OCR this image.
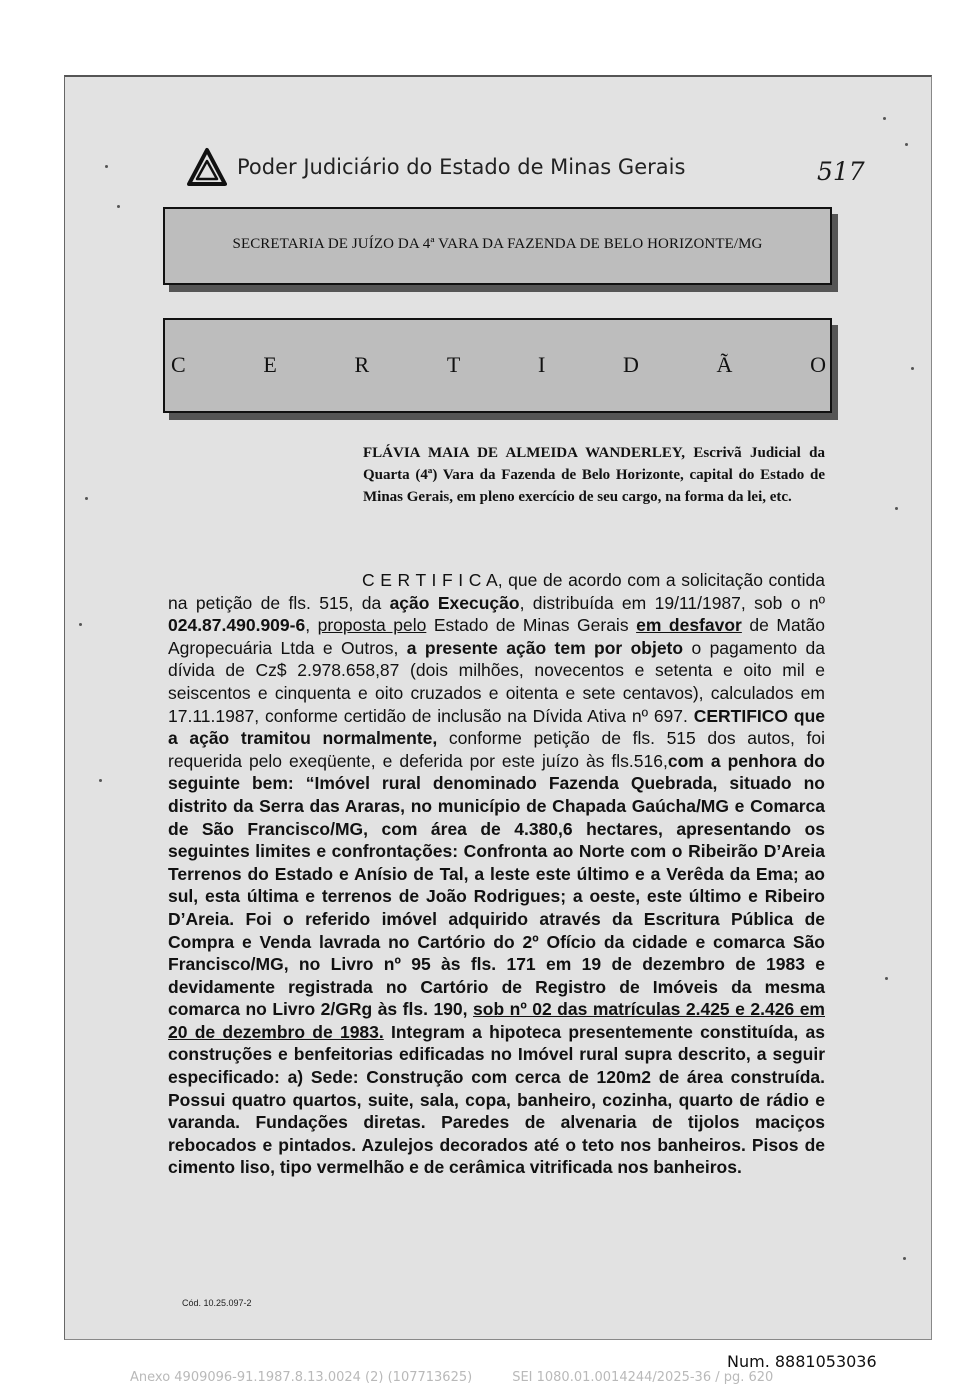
Poder Judiciário do Estado de Minas Gerais	517
SECRETARIA DE JUÍZO DA 4ª VARA DA FAZENDA DE BELO HORIZONTE/MG
C	E	R	T	I	D	Ã	O
FLÁVIA MAIA DE ALMEIDA WANDERLEY, Escrivã Judicial da Quarta (4ª) Vara da Fazenda de Belo Horizonte, capital do Estado de Minas Gerais, em pleno exercício de seu cargo, na forma da lei, etc.
C E R T I F I C A, que de acordo com a solicitação contida na petição de fls. 515, da ação Execução, distribuída em 19/11/1987, sob o nº 024.87.490.909-6, proposta pelo Estado de Minas Gerais em desfavor de Matão Agropecuária Ltda e Outros, a presente ação tem por objeto o pagamento da dívida de Cz$ 2.978.658,87 (dois milhões, novecentos e setenta e oito mil e seiscentos e cinquenta e oito cruzados e oitenta e sete centavos), calculados em 17.11.1987, conforme certidão de inclusão na Dívida Ativa nº 697. CERTIFICO que a ação tramitou normalmente, conforme petição de fls. 515 dos autos, foi requerida pelo exeqüente, e deferida por este juízo às fls.516,com a penhora do seguinte bem: “Imóvel rural denominado Fazenda Quebrada, situado no distrito da Serra das Araras, no município de Chapada Gaúcha/MG e Comarca de São Francisco/MG, com área de 4.380,6 hectares, apresentando os seguintes limites e confrontações: Confronta ao Norte com o Ribeirão D’Areia Terrenos do Estado e Anísio de Tal, a leste este último e a Verêda da Ema; ao sul, esta última e terrenos de João Rodrigues; a oeste, este último e Ribeiro D’Areia. Foi o referido imóvel adquirido através da Escritura Pública de Compra e Venda lavrada no Cartório do 2º Ofício da cidade e comarca São Francisco/MG, no Livro nº 95 às fls. 171 em 19 de dezembro de 1983 e devidamente registrada no Cartório de Registro de Imóveis da mesma comarca no Livro 2/GRg às fls. 190, sob nº 02 das matrículas 2.425 e 2.426 em 20 de dezembro de 1983. Integram a hipoteca presentemente constituída, as construções e benfeitorias edificadas no Imóvel rural supra descrito, a seguir especificado: a) Sede: Construção com cerca de 120m2 de área construída. Possui quatro quartos, suite, sala, copa, banheiro, cozinha, quarto de rádio e varanda. Fundações diretas. Paredes de alvenaria de tijolos maciços rebocados e pintados. Azulejos decorados até o teto nos banheiros. Pisos de cimento liso, tipo vermelhão e de cerâmica vitrificada nos banheiros.
Cód. 10.25.097-2
Num. 8881053036
Anexo 4909096-91.1987.8.13.0024 (2) (107713625)	SEI 1080.01.0014244/2025-36 / pg. 620
